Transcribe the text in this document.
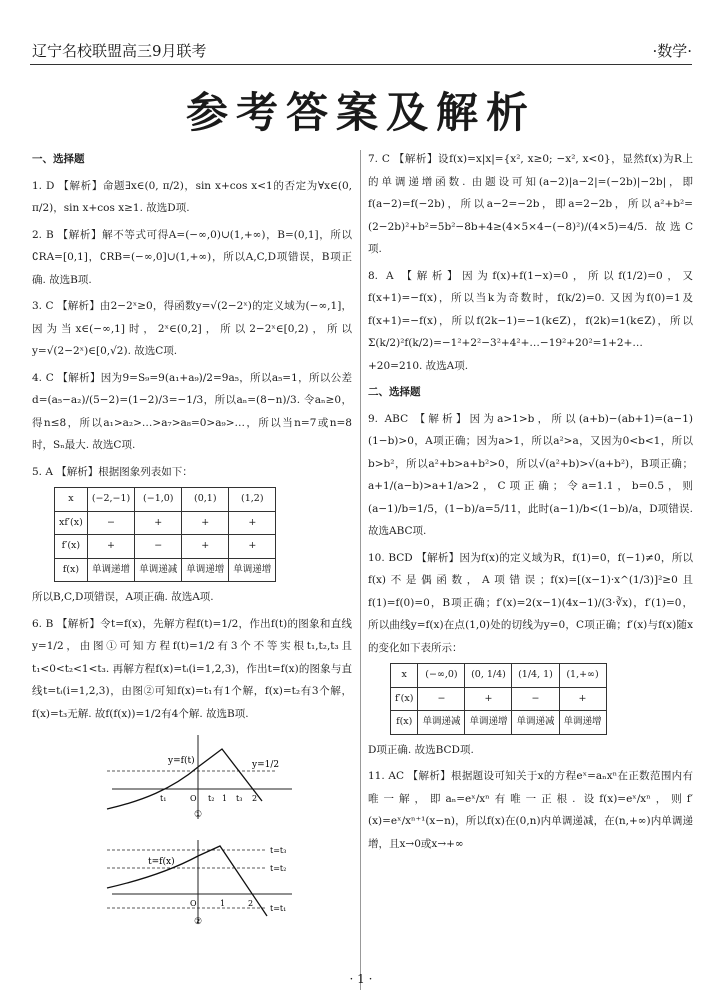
辽宁名校联盟高三9月联考	·数学·
参考答案及解析

一、选择题

1. D 【解析】命题∃x∈(0, π/2)，sin x+cos x<1的否定为∀x∈(0, π/2)，sin x+cos x≥1. 故选D项.

2. B 【解析】解不等式可得A=(−∞,0)∪(1,+∞)，B=(0,1]，所以∁RA=[0,1]，∁RB=(−∞,0]∪(1,+∞)，所以A,C,D项错误，B项正确. 故选B项.

3. C 【解析】由2−2ˣ≥0，得函数y=√(2−2ˣ)的定义域为(−∞,1]，因为当x∈(−∞,1]时，2ˣ∈(0,2]，所以2−2ˣ∈[0,2)，所以y=√(2−2ˣ)∈[0,√2). 故选C项.

4. C 【解析】因为9=S₉=9(a₁+a₉)/2=9a₅，所以a₅=1，所以公差d=(a₅−a₂)/(5−2)=(1−2)/3=−1/3，所以aₙ=(8−n)/3. 令aₙ≥0，得n≤8，所以a₁>a₂>…>a₇>a₈=0>a₉>…，所以当n=7或n=8时，Sₙ最大. 故选C项.

5. A 【解析】根据图象列表如下：

x	(−2,−1)	(−1,0)	(0,1)	(1,2)
xf′(x)	−	+	+	+
f′(x)	+	−	+	+
f(x)	单调递增	单调递减	单调递增	单调递增

所以B,C,D项错误，A项正确. 故选A项.

6. B 【解析】令t=f(x)，先解方程f(t)=1/2，作出f(t)的图象和直线y=1/2，由图①可知方程f(t)=1/2有3个不等实根t₁,t₂,t₃且t₁<0<t₂<1<t₃. 再解方程f(x)=tᵢ(i=1,2,3)，作出t=f(x)的图象与直线t=tᵢ(i=1,2,3)，由图②可知f(x)=t₁有1个解，f(x)=t₂有3个解，f(x)=t₃无解. 故f(f(x))=1/2有4个解. 故选B项.

y=f(t)	y=1/2
t₁	O t₂ 1 t₃ 2
①

t=f(x)
t=t₃
t=t₂
t=t₁
O	1	2
②

7. C 【解析】设f(x)=x|x|={x², x≥0; −x², x<0}，显然f(x)为R上的单调递增函数. 由题设可知(a−2)|a−2|=(−2b)|−2b|，即f(a−2)=f(−2b)，所以a−2=−2b，即a=2−2b，所以a²+b²=(2−2b)²+b²=5b²−8b+4≥(4×5×4−(−8)²)/(4×5)=4/5. 故选C项.

8. A 【解析】因为f(x)+f(1−x)=0，所以f(1/2)=0，又f(x+1)=−f(x)，所以当k为奇数时，f(k/2)=0. 又因为f(0)=1及f(x+1)=−f(x)，所以f(2k−1)=−1(k∈Z)，f(2k)=1(k∈Z)，所以Σ(k/2)²f(k/2)=−1²+2²−3²+4²+…−19²+20²=1+2+…+20=210. 故选A项.

二、选择题

9. ABC 【解析】因为a>1>b，所以(a+b)−(ab+1)=(a−1)(1−b)>0，A项正确；因为a>1，所以a²>a，又因为0<b<1，所以b>b²，所以a²+b>a+b²>0，所以√(a²+b)>√(a+b²)，B项正确；a+1/(a−b)>a+1/a>2，C项正确；令a=1.1，b=0.5，则(a−1)/b=1/5，(1−b)/a=5/11，此时(a−1)/b<(1−b)/a，D项错误. 故选ABC项.

10. BCD 【解析】因为f(x)的定义域为R，f(1)=0，f(−1)≠0，所以f(x)不是偶函数，A项错误；f(x)=[(x−1)·x^(1/3)]²≥0且f(1)=f(0)=0，B项正确；f′(x)=2(x−1)(4x−1)/(3·∛x)，f′(1)=0，所以曲线y=f(x)在点(1,0)处的切线为y=0，C项正确；f′(x)与f(x)随x的变化如下表所示：

x	(−∞,0)	(0, 1/4)	(1/4, 1)	(1,+∞)
f′(x)	−	+	−	+
f(x)	单调递减	单调递增	单调递减	单调递增

D项正确. 故选BCD项.

11. AC 【解析】根据题设可知关于x的方程eˣ=aₙxⁿ在正数范围内有唯一解，即aₙ=eˣ/xⁿ有唯一正根. 设f(x)=eˣ/xⁿ，则f′(x)=eˣ/xⁿ⁺¹(x−n)，所以f(x)在(0,n)内单调递减，在(n,+∞)内单调递增，且x→0或x→+∞

· 1 ·
